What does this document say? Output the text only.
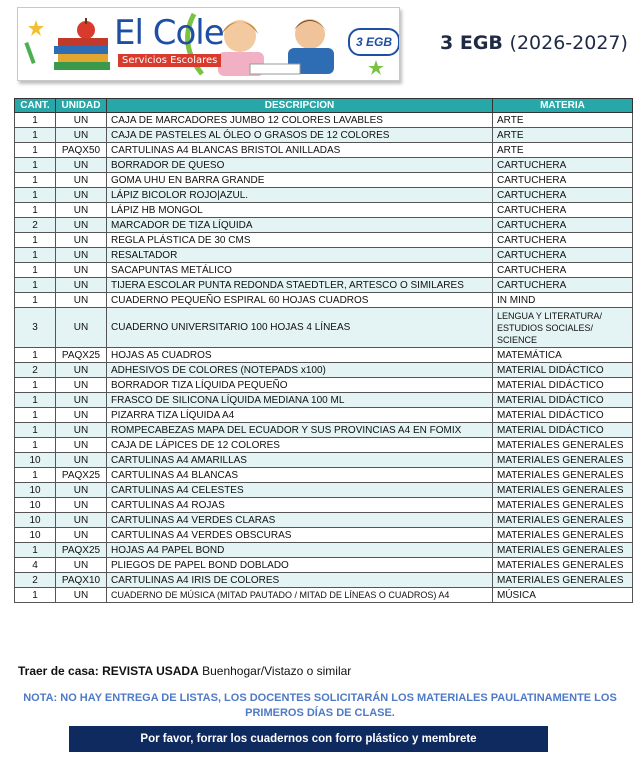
El Cole
Servicios Escolares
3 EGB	3 EGB (2026-2027)
CANT.	UNIDAD	DESCRIPCION	MATERIA
1	UN	CAJA DE MARCADORES JUMBO 12 COLORES LAVABLES	ARTE
1	UN	CAJA DE PASTELES AL ÓLEO O GRASOS DE 12 COLORES	ARTE
1	PAQX50	CARTULINAS A4 BLANCAS BRISTOL ANILLADAS	ARTE
1	UN	BORRADOR DE QUESO	CARTUCHERA
1	UN	GOMA UHU EN BARRA GRANDE	CARTUCHERA
1	UN	LÁPIZ BICOLOR ROJO|AZUL.	CARTUCHERA
1	UN	LÁPIZ HB MONGOL	CARTUCHERA
2	UN	MARCADOR DE TIZA LÍQUIDA	CARTUCHERA
1	UN	REGLA PLÁSTICA DE 30 CMS	CARTUCHERA
1	UN	RESALTADOR	CARTUCHERA
1	UN	SACAPUNTAS METÁLICO	CARTUCHERA
1	UN	TIJERA ESCOLAR PUNTA REDONDA STAEDTLER, ARTESCO O SIMILARES	CARTUCHERA
1	UN	CUADERNO PEQUEÑO ESPIRAL 60 HOJAS CUADROS	IN MIND
3	UN	CUADERNO UNIVERSITARIO 100 HOJAS 4 LÍNEAS	LENGUA Y LITERATURA/ ESTUDIOS SOCIALES/ SCIENCE
1	PAQX25	HOJAS A5 CUADROS	MATEMÁTICA
2	UN	ADHESIVOS DE COLORES (NOTEPADS x100)	MATERIAL DIDÁCTICO
1	UN	BORRADOR TIZA LÍQUIDA PEQUEÑO	MATERIAL DIDÁCTICO
1	UN	FRASCO DE SILICONA LÍQUIDA MEDIANA 100 ML	MATERIAL DIDÁCTICO
1	UN	PIZARRA TIZA LÍQUIDA A4	MATERIAL DIDÁCTICO
1	UN	ROMPECABEZAS MAPA DEL ECUADOR Y SUS PROVINCIAS A4 EN FOMIX	MATERIAL DIDÁCTICO
1	UN	CAJA DE LÁPICES DE 12 COLORES	MATERIALES GENERALES
10	UN	CARTULINAS A4 AMARILLAS	MATERIALES GENERALES
1	PAQX25	CARTULINAS A4 BLANCAS	MATERIALES GENERALES
10	UN	CARTULINAS A4 CELESTES	MATERIALES GENERALES
10	UN	CARTULINAS A4 ROJAS	MATERIALES GENERALES
10	UN	CARTULINAS A4 VERDES CLARAS	MATERIALES GENERALES
10	UN	CARTULINAS A4 VERDES OBSCURAS	MATERIALES GENERALES
1	PAQX25	HOJAS A4 PAPEL BOND	MATERIALES GENERALES
4	UN	PLIEGOS DE PAPEL BOND DOBLADO	MATERIALES GENERALES
2	PAQX10	CARTULINAS A4 IRIS DE COLORES	MATERIALES GENERALES
1	UN	CUADERNO DE MÚSICA (MITAD PAUTADO / MITAD DE LÍNEAS O CUADROS) A4	MÚSICA
Traer de casa: REVISTA USADA Buenhogar/Vistazo o similar
NOTA: NO HAY ENTREGA DE LISTAS, LOS DOCENTES SOLICITARÁN LOS MATERIALES PAULATINAMENTE LOS PRIMEROS DÍAS DE CLASE.
Por favor, forrar los cuadernos con forro plástico y membrete
